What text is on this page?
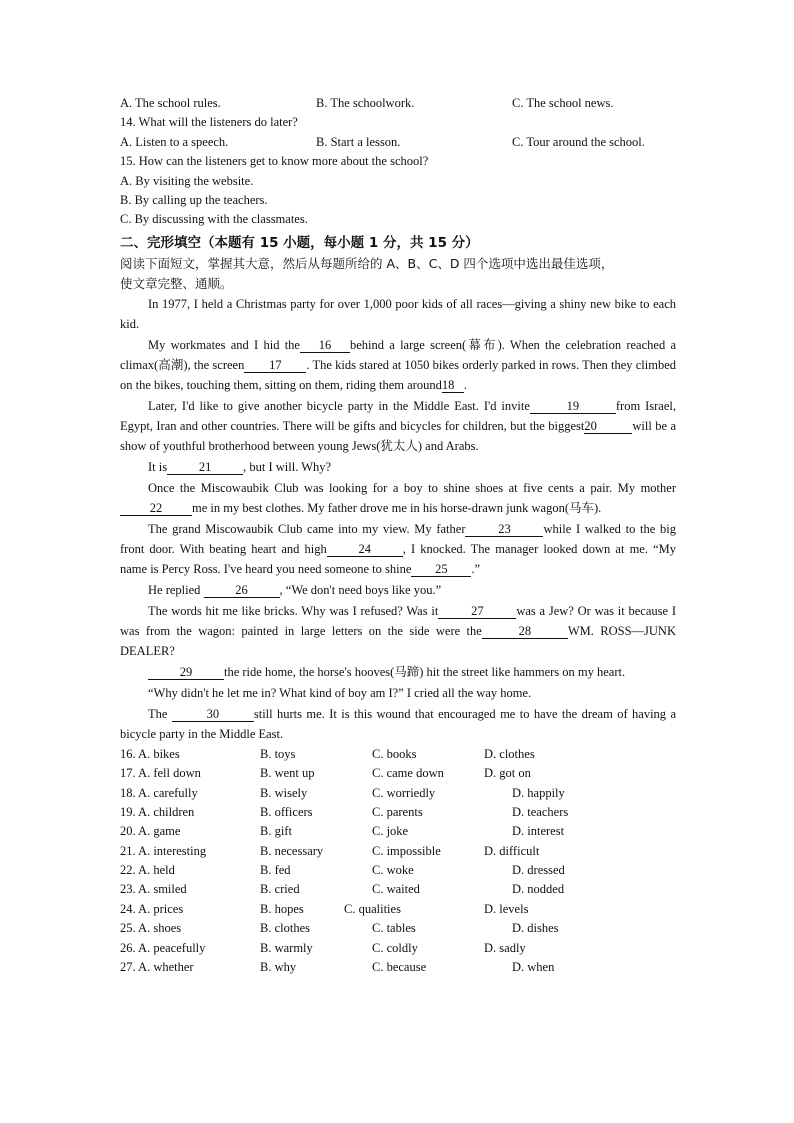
A. The school rules.	B. The schoolwork.	C. The school news.
14. What will the listeners do later?
A. Listen to a speech.	B. Start a lesson.	C. Tour around the school.
15. How can the listeners get to know more about the school?
A. By visiting the website.
B. By calling up the teachers.
C. By discussing with the classmates.
二、完形填空（本题有 15 小题，每小题 1 分，共 15 分）
阅读下面短文，掌握其大意，然后从每题所给的 A、B、C、D 四个选项中选出最佳选项，
使文章完整、通顺。

In 1977, I held a Christmas party for over 1,000 poor kids of all races—giving a shiny new bike to each kid.

My workmates and I hid the 16 behind a large screen(幕布). When the celebration reached a climax(高潮), the screen 17 . The kids stared at 1050 bikes orderly parked in rows. Then they climbed on the bikes, touching them, sitting on them, riding them around18 .

Later, I'd like to give another bicycle party in the Middle East. I'd invite	19	from Israel, Egypt, Iran and other countries. There will be gifts and bicycles for children, but the biggest20	will be a show of youthful brotherhood between young Jews(犹太人) and Arabs.

It is	21	, but I will. Why?

Once the Miscowaubik Club was looking for a boy to shine shoes at five cents a pair. My mother22 me in my best clothes. My father drove me in his horse-drawn junk wagon(马车).

The grand Miscowaubik Club came into my view. My father	23	while I walked to the big front door. With beating heart and high	24	, I knocked. The manager looked down at me. “My name is Percy Ross. I've heard you need someone to shine 25 .”

He replied	26	, “We don't need boys like you.”

The words hit me like bricks. Why was I refused? Was it	27	was a Jew? Or was it because I was from the wagon: painted in large letters on the side were the	28	WM. ROSS—JUNK DEALER?

29	the ride home, the horse's hooves(马蹄) hit the street like hammers on my heart.

“Why didn't he let me in? What kind of boy am I?” I cried all the way home.

The	30	still hurts me. It is this wound that encouraged me to have the dream of having a bicycle party in the Middle East.

16. A. bikes	B. toys	C. books	D. clothes
17. A. fell down	B. went up	C. came down	D. got on
18. A. carefully	B. wisely	C. worriedly	D. happily
19. A. children	B. officers	C. parents	D. teachers
20. A. game	B. gift	C. joke	D. interest
21. A. interesting	B. necessary	C. impossible	D. difficult
22. A. held	B. fed	C. woke	D. dressed
23. A. smiled	B. cried	C. waited	D. nodded
24. A. prices	B. hopes	C. qualities	D. levels
25. A. shoes	B. clothes	C. tables	D. dishes
26. A. peacefully	B. warmly	C. coldly	D. sadly
27. A. whether	B. why	C. because	D. when
